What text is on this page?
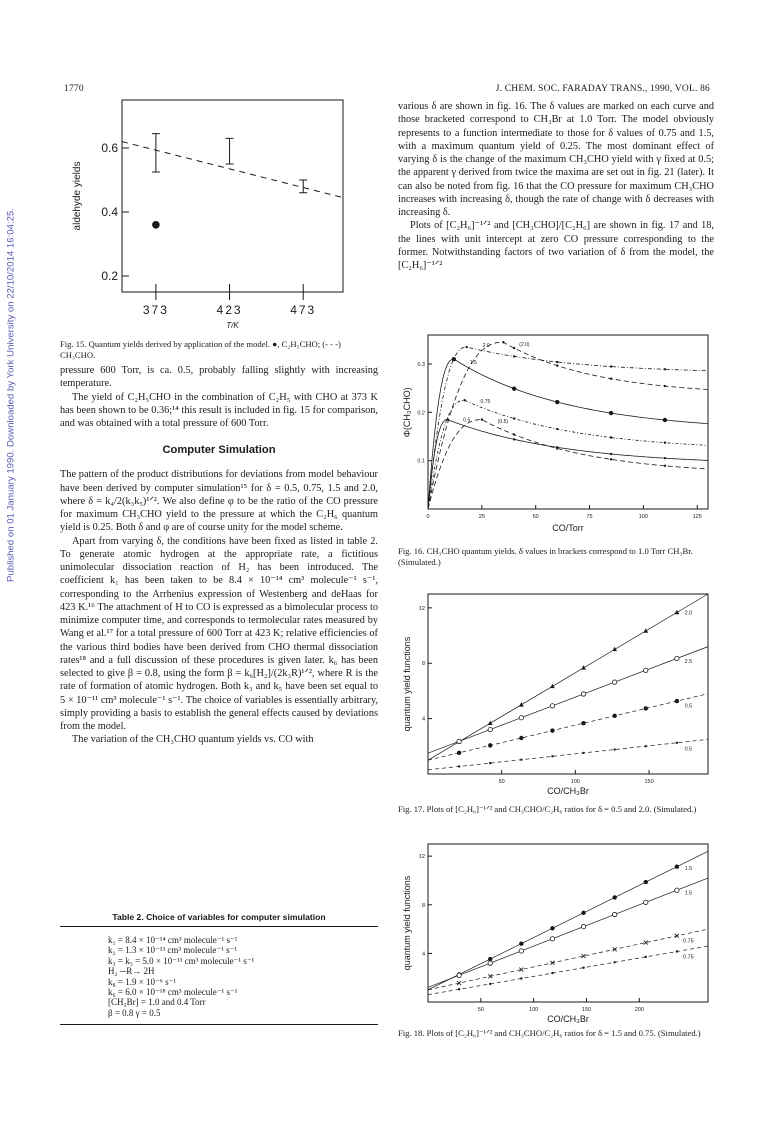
Published on 01 January 1990. Downloaded by York University on 22/10/2014 16:04:25.
1770	J. CHEM. SOC. FARADAY TRANS., 1990, VOL. 86
0.2
0.4
0.6
373	423	473
T/K
aldehyde yields

Fig. 15. Quantum yields derived by application of the model. ●, C₂H₅CHO; (- - -) CH₃CHO.

pressure 600 Torr, is ca. 0.5, probably falling slightly with increasing temperature.

The yield of C₂H₅CHO in the combination of C₂H₅ with CHO at 373 K has been shown to be 0.36;¹⁴ this result is included in fig. 15 for comparison, and was obtained with a total pressure of 600 Torr.

Computer Simulation

The pattern of the product distributions for deviations from model behaviour have been derived by computer simulation¹⁵ for δ = 0.5, 0.75, 1.5 and 2.0, where δ = k₄/2(k₃k₅)¹ᐟ². We also define φ to be the ratio of the CO pressure for maximum CH₃CHO yield to the pressure at which the C₂H₆ quantum yield is 0.25. Both δ and φ are of course unity for the model scheme.

Apart from varying δ, the conditions have been fixed as listed in table 2. To generate atomic hydrogen at the appropriate rate, a fictitious unimolecular dissociation reaction of H₂ has been introduced. The coefficient k₁ has been taken to be 8.4 × 10⁻¹⁴ cm³ molecule⁻¹ s⁻¹, corresponding to the Arrhenius expression of Westenberg and deHaas for 423 K.¹⁶ The attachment of H to CO is expressed as a bimolecular process to minimize computer time, and corresponds to termolecular rates measured by Wang et al.¹⁷ for a total pressure of 600 Torr at 423 K; relative efficiencies of the various third bodies have been derived from CHO thermal dissociation rates¹⁸ and a full discussion of these procedures is given later. k₆ has been selected to give β = 0.8, using the form β = k₆[H₂]/(2k₃R)¹ᐟ², where R is the rate of formation of atomic hydrogen. Both k₃ and k₅ have been set equal to 5 × 10⁻¹¹ cm³ molecule⁻¹ s⁻¹. The choice of variables is essentially arbitrary, simply providing a basis to establish the general effects caused by deviations from the model.

The variation of the CH₃CHO quantum yields vs. CO with

Table 2. Choice of variables for computer simulation
k₁ = 8.4 × 10⁻¹⁴ cm³ molecule⁻¹ s⁻¹
k₂ = 1.3 × 10⁻¹³ cm³ molecule⁻¹ s⁻¹
k₃ = k₅ = 5.0 × 10⁻¹¹ cm³ molecule⁻¹ s⁻¹
H₂ ─R→ 2H
k₈ = 1.9 × 10⁻⁶ s⁻¹
k₆ = 6.0 × 10⁻¹⁸ cm³ molecule⁻¹ s⁻¹
[CH₃Br] = 1.0 and 0.4 Torr
β = 0.8 γ = 0.5

various δ are shown in fig. 16. The δ values are marked on each curve and those bracketed correspond to CH₃Br at 1.0 Torr. The model obviously represents to a function intermediate to those for δ values of 0.75 and 1.5, with a maximum quantum yield of 0.25. The most dominant effect of varying δ is the change of the maximum CH₃CHO yield with γ fixed at 0.5; the apparent γ derived from twice the maxima are set out in fig. 21 (later). It can also be noted from fig. 16 that the CO pressure for maximum CH₃CHO increases with increasing δ, though the rate of change with δ decreases with increasing δ.

Plots of [C₂H₆]⁻¹ᐟ² and [CH₃CHO]/[C₂H₆] are shown in fig. 17 and 18, the lines with unit intercept at zero CO pressure corresponding to the former. Notwithstanding factors of two variation of δ from the model, the [C₂H₆]⁻¹ᐟ²

0.1
0.2
0.3
0	25	50	75	100	125
CO/Torr
Φ(CH₃CHO)
2.0	(2.0)
1.5
0.75
0.5	(0.5)

Fig. 16. CH₃CHO quantum yields. δ values in brackets correspond to 1.0 Torr CH₃Br. (Simulated.)

4
8
12
50	100	150
CO/CH₃Br
quantum yield functions
2.0
2.5
0.5
0.5

Fig. 17. Plots of [C₂H₆]⁻¹ᐟ² and CH₃CHO/C₂H₆ ratios for δ = 0.5 and 2.0. (Simulated.)

4
8
12
50	100	150	200
CO/CH₃Br
quantum yield functions
1.5
1.5
0.75
0.75

Fig. 18. Plots of [C₂H₆]⁻¹ᐟ² and CH₃CHO/C₂H₆ ratios for δ = 1.5 and 0.75. (Simulated.)
